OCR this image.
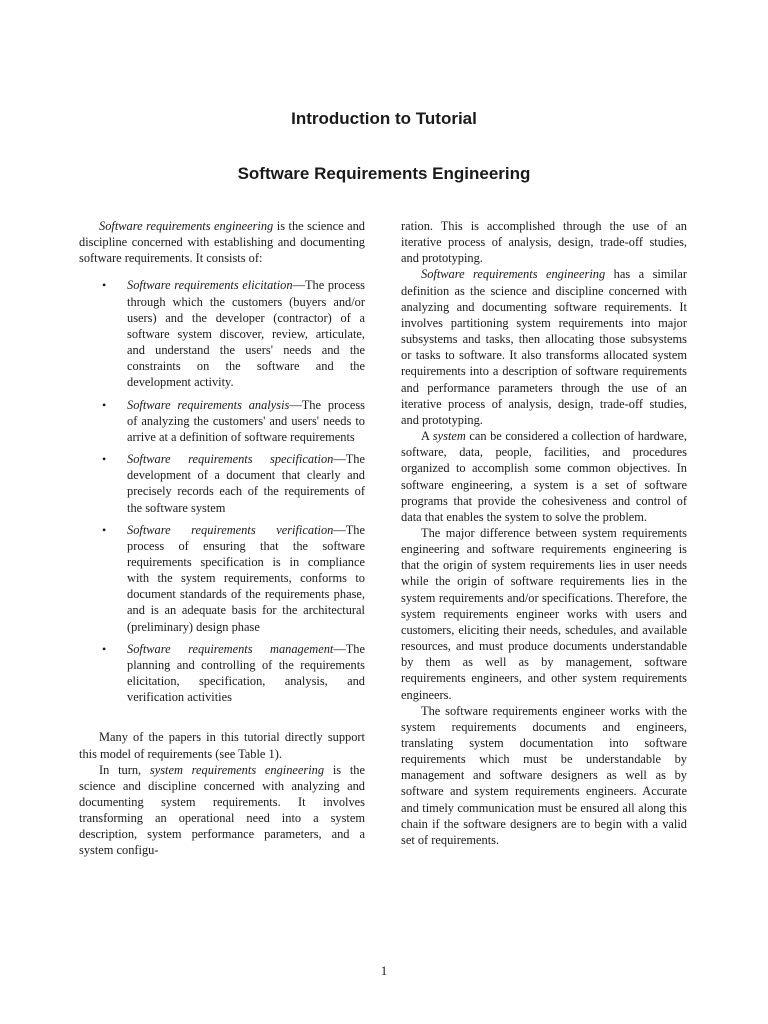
Introduction to Tutorial
Software Requirements Engineering

Software requirements engineering is the science and discipline concerned with establishing and documenting software requirements. It consists of:

• Software requirements elicitation—The process through which the customers (buyers and/or users) and the developer (contractor) of a software system discover, review, articulate, and understand the users' needs and the constraints on the software and the development activity.
• Software requirements analysis—The process of analyzing the customers' and users' needs to arrive at a definition of software requirements
• Software requirements specification—The development of a document that clearly and precisely records each of the requirements of the software system
• Software requirements verification—The process of ensuring that the software requirements specification is in compliance with the system requirements, conforms to document standards of the requirements phase, and is an adequate basis for the architectural (preliminary) design phase
• Software requirements management—The planning and controlling of the requirements elicitation, specification, analysis, and verification activities

Many of the papers in this tutorial directly support this model of requirements (see Table 1).

In turn, system requirements engineering is the science and discipline concerned with analyzing and documenting system requirements. It involves transforming an operational need into a system description, system performance parameters, and a system configu-

ration. This is accomplished through the use of an iterative process of analysis, design, trade-off studies, and prototyping.

Software requirements engineering has a similar definition as the science and discipline concerned with analyzing and documenting software requirements. It involves partitioning system requirements into major subsystems and tasks, then allocating those subsystems or tasks to software. It also transforms allocated system requirements into a description of software requirements and performance parameters through the use of an iterative process of analysis, design, trade-off studies, and prototyping.

A system can be considered a collection of hardware, software, data, people, facilities, and procedures organized to accomplish some common objectives. In software engineering, a system is a set of software programs that provide the cohesiveness and control of data that enables the system to solve the problem.

The major difference between system requirements engineering and software requirements engineering is that the origin of system requirements lies in user needs while the origin of software requirements lies in the system requirements and/or specifications. Therefore, the system requirements engineer works with users and customers, eliciting their needs, schedules, and available resources, and must produce documents understandable by them as well as by management, software requirements engineers, and other system requirements engineers.

The software requirements engineer works with the system requirements documents and engineers, translating system documentation into software requirements which must be understandable by management and software designers as well as by software and system requirements engineers. Accurate and timely communication must be ensured all along this chain if the software designers are to begin with a valid set of requirements.

1
